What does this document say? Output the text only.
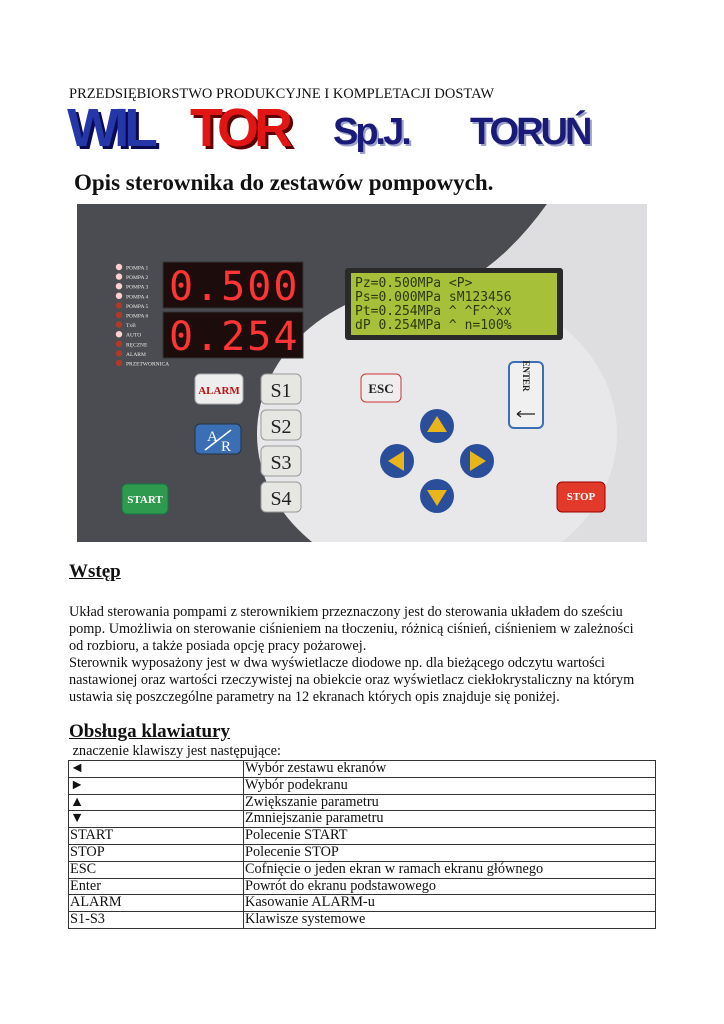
PRZEDSIĘBIORSTWO PRODUKCYJNE I KOMPLETACJI DOSTAW
WIL TOR Sp.J. TORUŃ
Opis sterownika do zestawów pompowych.
POMPA 1
POMPA 2
POMPA 3
POMPA 4
POMPA 5
POMPA 6
TxB
AUTO
RĘCZNE
ALARM
PRZETWORNICA
0.500
0.254
Pz=0.500MPa <P>
Ps=0.000MPa sM123456
Pt=0.254MPa ^ ^F^^xx
dP 0.254MPa ^ n=100%
ALARM
A
R
START
S1
S2
S3
S4
ESC	ENTER
STOP
Wstęp
Układ sterowania pompami z sterownikiem przeznaczony jest do sterowania układem do sześciu
pomp. Umożliwia on sterowanie ciśnieniem na tłoczeniu, różnicą ciśnień, ciśnieniem w zależności
od rozbioru, a także posiada opcję pracy pożarowej.
Sterownik wyposażony jest w dwa wyświetlacze diodowe np. dla bieżącego odczytu wartości
nastawionej oraz wartości rzeczywistej na obiekcie oraz wyświetlacz ciekłokrystaliczny na którym
ustawia się poszczególne parametry na 12 ekranach których opis znajduje się poniżej.
Obsługa klawiatury
znaczenie klawiszy jest następujące:
◄	Wybór zestawu ekranów
►	Wybór podekranu
▲	Zwiększanie parametru
▼	Zmniejszanie parametru
START	Polecenie START
STOP	Polecenie STOP
ESC	Cofnięcie o jeden ekran w ramach ekranu głównego
Enter	Powrót do ekranu podstawowego
ALARM	Kasowanie ALARM-u
S1-S3	Klawisze systemowe
